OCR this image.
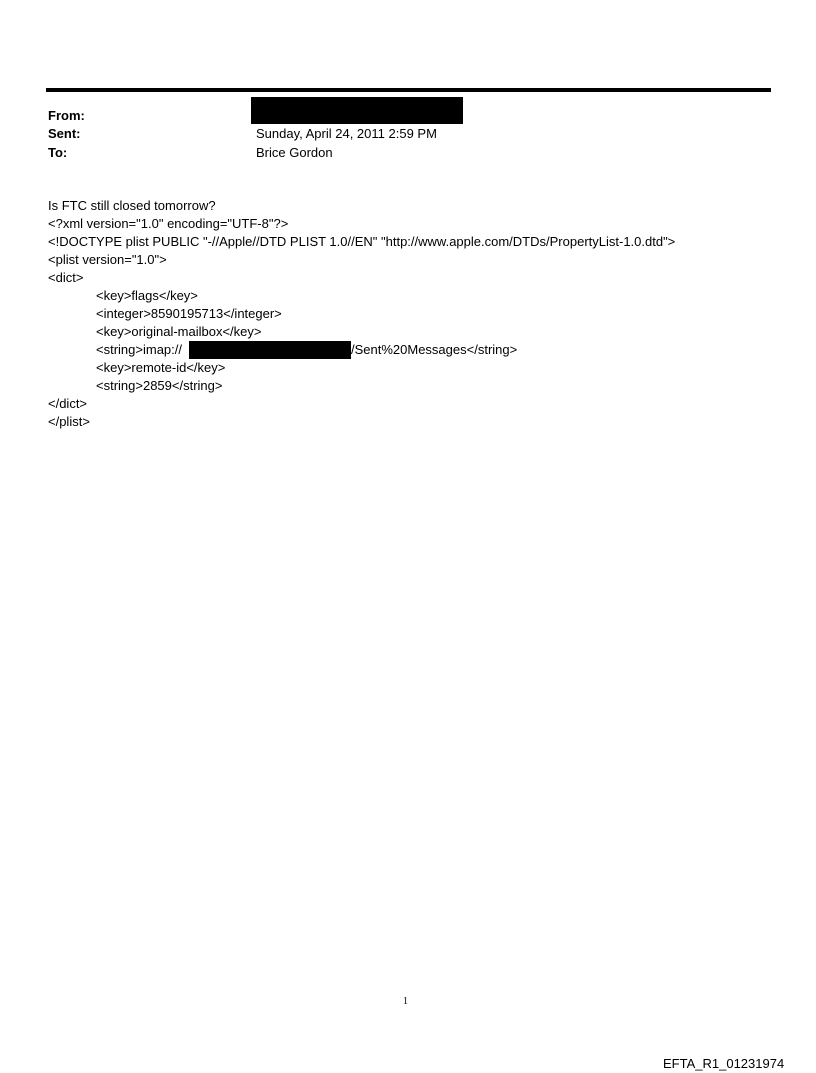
From:
Sent:	Sunday, April 24, 2011 2:59 PM
To:	Brice Gordon
Is FTC still closed tomorrow?
<?xml version="1.0" encoding="UTF-8"?>
<!DOCTYPE plist PUBLIC "-//Apple//DTD PLIST 1.0//EN" "http://www.apple.com/DTDs/PropertyList-1.0.dtd">
<plist version="1.0">
<dict>
<key>flags</key>
<integer>8590195713</integer>
<key>original-mailbox</key>
<string>imap://	/Sent%20Messages</string>
<key>remote-id</key>
<string>2859</string>
</dict>
</plist>
1
EFTA_R1_01231974
